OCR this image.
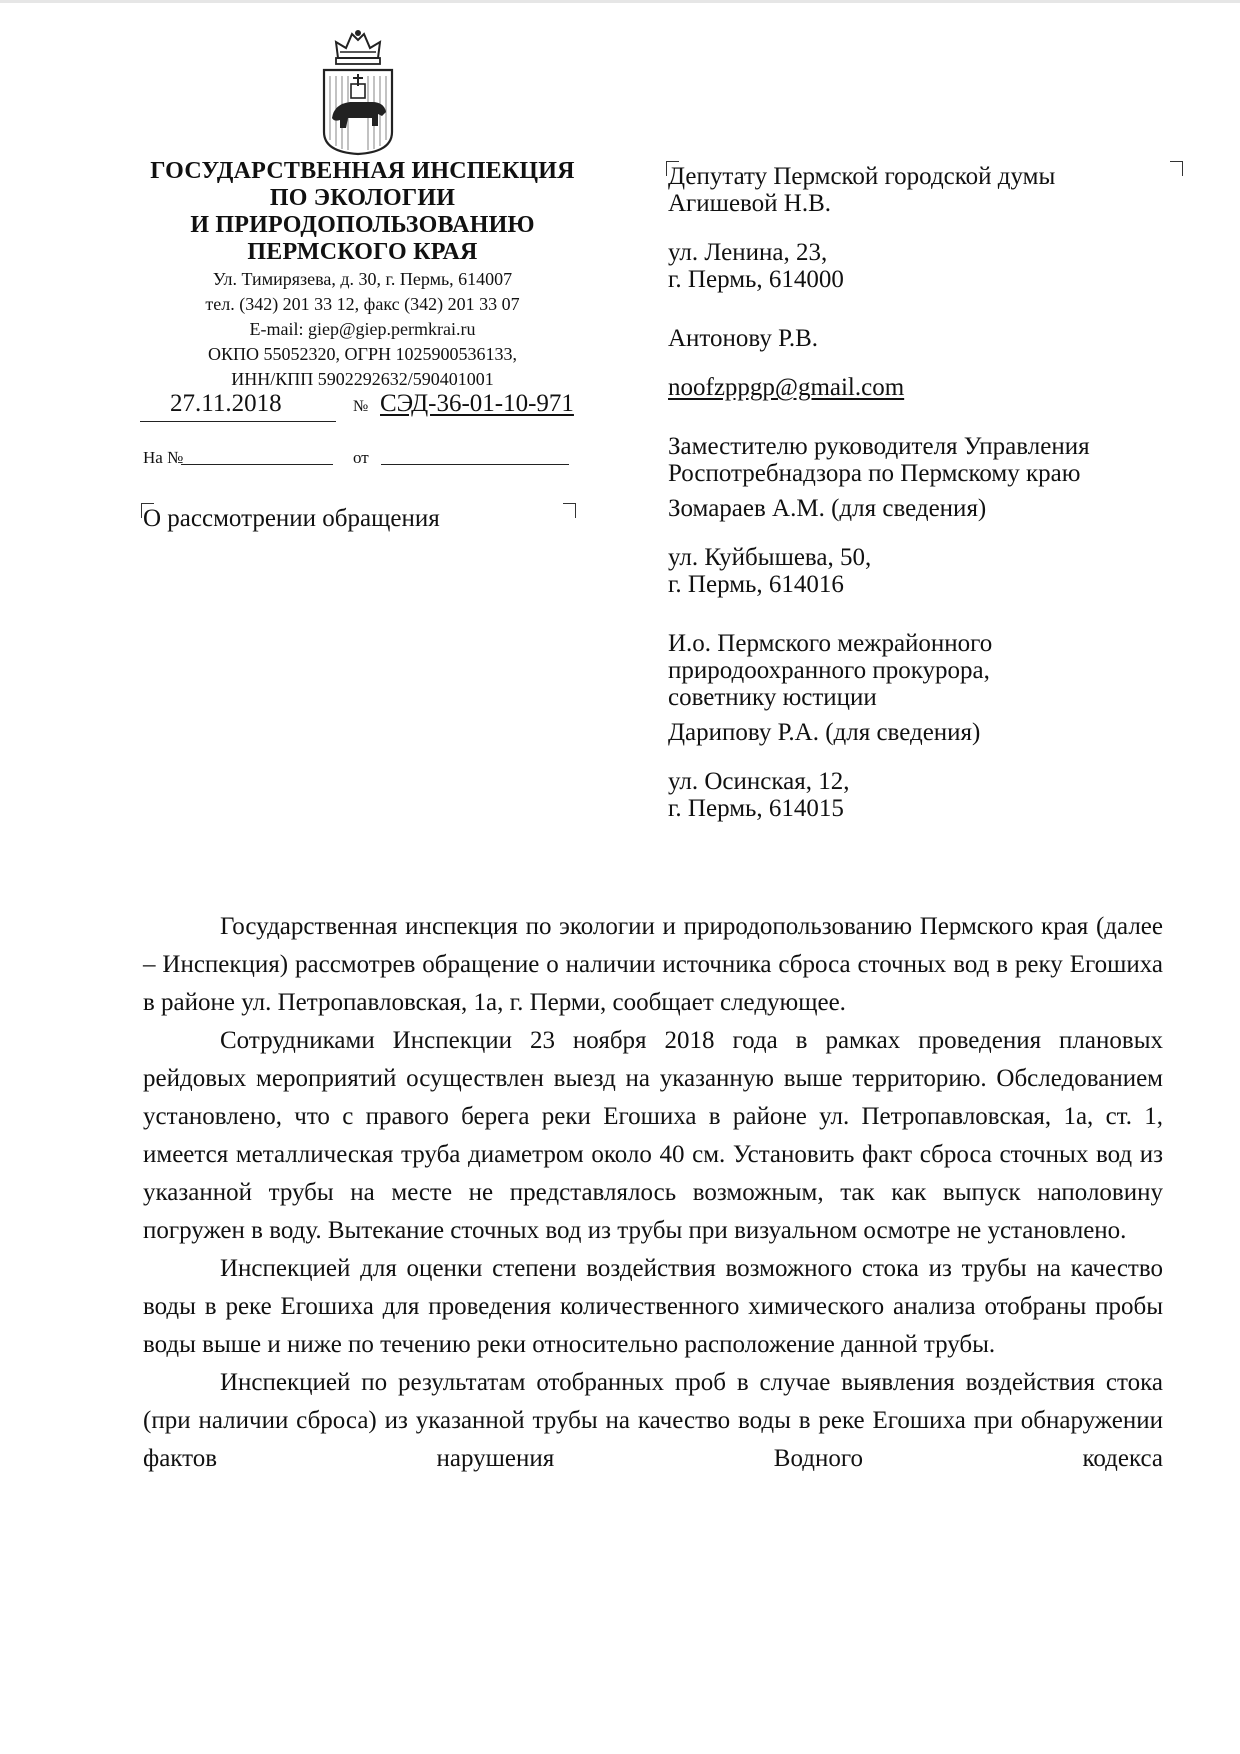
ГОСУДАРСТВЕННАЯ ИНСПЕКЦИЯ
ПО ЭКОЛОГИИ
И ПРИРОДОПОЛЬЗОВАНИЮ
ПЕРМСКОГО КРАЯ
Ул. Тимирязева, д. 30, г. Пермь, 614007
тел. (342) 201 33 12, факс (342) 201 33 07
E-mail: giep@giep.permkrai.ru
ОКПО 55052320, ОГРН 1025900536133,
ИНН/КПП 5902292632/590401001
27.11.2018	№ СЭД-36-01-10-971
На №	от
О рассмотрении обращения

Депутату Пермской городской думы

Агишевой Н.В.

ул. Ленина, 23,

г. Пермь, 614000

Антонову Р.В.

noofzppgp@gmail.com

Заместителю руководителя Управления

Роспотребнадзора по Пермскому краю

Зомараев А.М. (для сведения)

ул. Куйбышева, 50,

г. Пермь, 614016

И.о. Пермского межрайонного

природоохранного прокурора,

советнику юстиции

Дарипову Р.А. (для сведения)

ул. Осинская, 12,

г. Пермь, 614015

Государственная инспекция по экологии и природопользованию Пермского края (далее – Инспекция) рассмотрев обращение о наличии источника сброса сточных вод в реку Егошиха в районе ул. Петропавловская, 1а, г. Перми, сообщает следующее.

Сотрудниками Инспекции 23 ноября 2018 года в рамках проведения плановых рейдовых мероприятий осуществлен выезд на указанную выше территорию. Обследованием установлено, что с правого берега реки Егошиха в районе ул. Петропавловская, 1а, ст. 1, имеется металлическая труба диаметром около 40 см. Установить факт сброса сточных вод из указанной трубы на месте не представлялось возможным, так как выпуск наполовину погружен в воду. Вытекание сточных вод из трубы при визуальном осмотре не установлено.

Инспекцией для оценки степени воздействия возможного стока из трубы на качество воды в реке Егошиха для проведения количественного химического анализа отобраны пробы воды выше и ниже по течению реки относительно расположение данной трубы.

Инспекцией по результатам отобранных проб в случае выявления воздействия стока (при наличии сброса) из указанной трубы на качество воды в реке Егошиха при обнаружении фактов нарушения Водного кодекса
